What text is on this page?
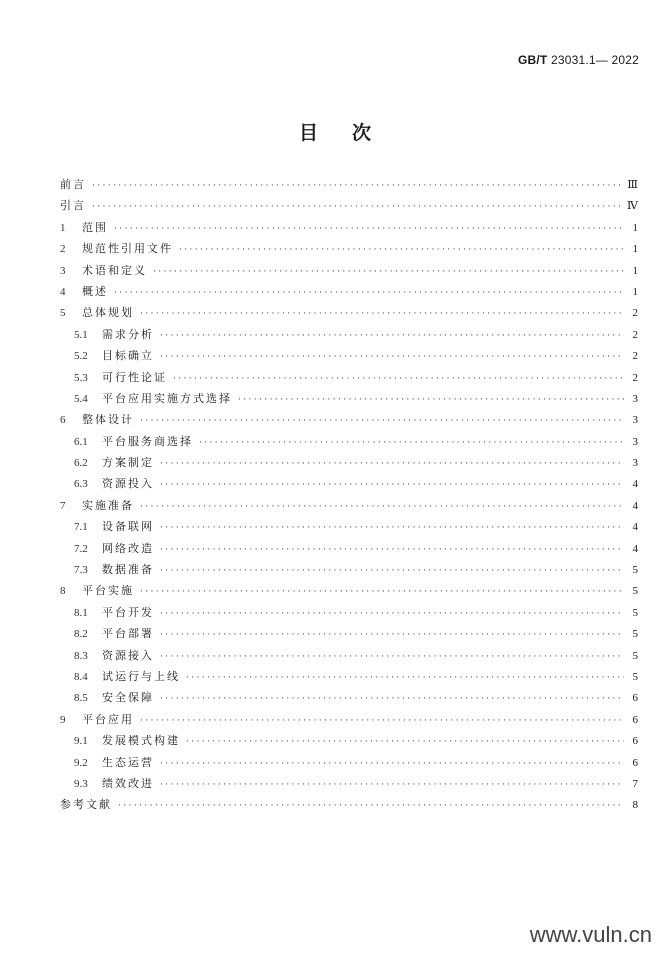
GB/T 23031.1— 2022
目次
前言 ·····	Ⅲ
引言 ·····	Ⅳ
1	范围 ·····	1
2	规范性引用文件 ·····	1
3	术语和定义 ·····	1
4	概述 ·····	1
5	总体规划 ·····	2
5.1	需求分析 ·····	2
5.2	目标确立 ·····	2
5.3	可行性论证 ·····	2
5.4	平台应用实施方式选择 ·····	3
6	整体设计 ·····	3
6.1	平台服务商选择 ·····	3
6.2	方案制定 ·····	3
6.3	资源投入 ·····	4
7	实施准备 ·····	4
7.1	设备联网 ·····	4
7.2	网络改造 ·····	4
7.3	数据准备 ·····	5
8	平台实施 ·····	5
8.1	平台开发 ·····	5
8.2	平台部署 ·····	5
8.3	资源接入 ·····	5
8.4	试运行与上线 ·····	5
8.5	安全保障 ·····	6
9	平台应用 ·····	6
9.1	发展模式构建 ·····	6
9.2	生态运营 ·····	6
9.3	绩效改进 ·····	7
参考文献 ·····	8
www.vuln.cn
